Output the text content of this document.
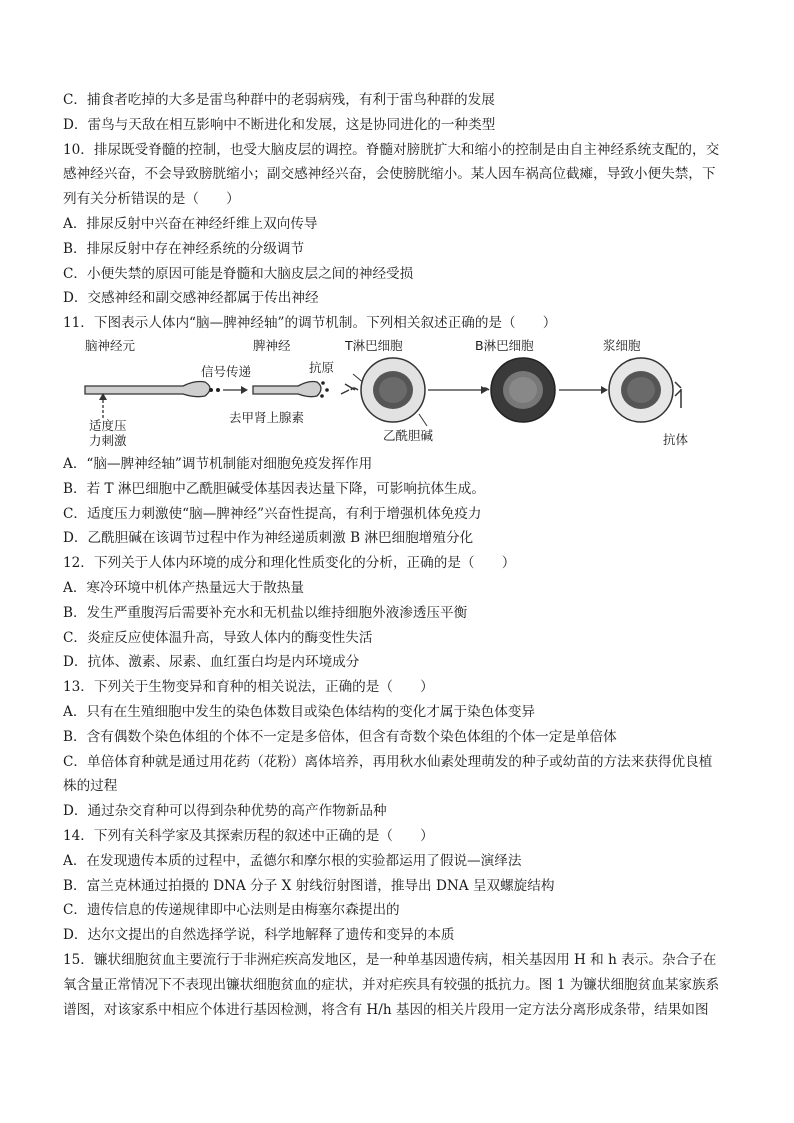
C．捕食者吃掉的大多是雷鸟种群中的老弱病残，有利于雷鸟种群的发展
D．雷鸟与天敌在相互影响中不断进化和发展，这是协同进化的一种类型
10．排尿既受脊髓的控制，也受大脑皮层的调控。脊髓对膀胱扩大和缩小的控制是由自主神经系统支配的，交
感神经兴奋，不会导致膀胱缩小；副交感神经兴奋，会使膀胱缩小。某人因车祸高位截瘫，导致小便失禁，下
列有关分析错误的是（　　）
A．排尿反射中兴奋在神经纤维上双向传导
B．排尿反射中存在神经系统的分级调节
C．小便失禁的原因可能是脊髓和大脑皮层之间的神经受损
D．交感神经和副交感神经都属于传出神经
11．下图表示人体内“脑—脾神经轴”的调节机制。下列相关叙述正确的是（　　）
脑神经元
信号传递
适度压
力刺激
脾神经
去甲肾上腺素
抗原
T淋巴细胞	B淋巴细胞	浆细胞
乙酰胆碱	抗体
A．“脑—脾神经轴”调节机制能对细胞免疫发挥作用
B．若 T 淋巴细胞中乙酰胆碱受体基因表达量下降，可影响抗体生成。
C．适度压力刺激使“脑—脾神经”兴奋性提高，有利于增强机体免疫力
D．乙酰胆碱在该调节过程中作为神经递质刺激 B 淋巴细胞增殖分化
12．下列关于人体内环境的成分和理化性质变化的分析，正确的是（　　）
A．寒冷环境中机体产热量远大于散热量
B．发生严重腹泻后需要补充水和无机盐以维持细胞外液渗透压平衡
C．炎症反应使体温升高，导致人体内的酶变性失活
D．抗体、激素、尿素、血红蛋白均是内环境成分
13．下列关于生物变异和育种的相关说法，正确的是（　　）
A．只有在生殖细胞中发生的染色体数目或染色体结构的变化才属于染色体变异
B．含有偶数个染色体组的个体不一定是多倍体，但含有奇数个染色体组的个体一定是单倍体
C．单倍体育种就是通过用花药（花粉）离体培养，再用秋水仙素处理萌发的种子或幼苗的方法来获得优良植
株的过程
D．通过杂交育种可以得到杂种优势的高产作物新品种
14．下列有关科学家及其探索历程的叙述中正确的是（　　）
A．在发现遗传本质的过程中，孟德尔和摩尔根的实验都运用了假说—演绎法
B．富兰克林通过拍摄的 DNA 分子 X 射线衍射图谱，推导出 DNA 呈双螺旋结构
C．遗传信息的传递规律即中心法则是由梅塞尔森提出的
D．达尔文提出的自然选择学说，科学地解释了遗传和变异的本质
15．镰状细胞贫血主要流行于非洲疟疾高发地区，是一种单基因遗传病，相关基因用 H 和 h 表示。杂合子在
氧含量正常情况下不表现出镰状细胞贫血的症状，并对疟疾具有较强的抵抗力。图 1 为镰状细胞贫血某家族系
谱图，对该家系中相应个体进行基因检测，将含有 H/h 基因的相关片段用一定方法分离形成条带，结果如图
